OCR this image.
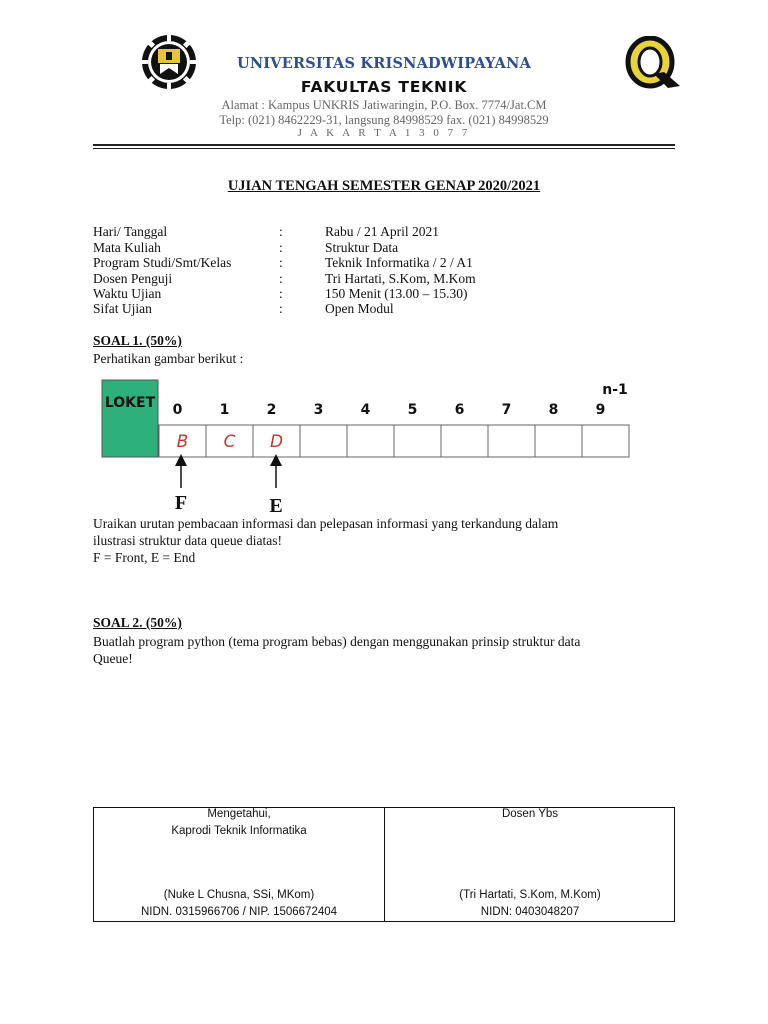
UNIVERSITAS KRISNADWIPAYANA
FAKULTAS TEKNIK
Alamat : Kampus UNKRIS Jatiwaringin, P.O. Box. 7774/Jat.CM
Telp: (021) 8462229-31, langsung 84998529 fax. (021) 84998529
J A K A R T A 1 3 0 7 7
UJIAN TENGAH SEMESTER GENAP 2020/2021
Hari/ Tanggal	:	Rabu / 21 April 2021
Mata Kuliah	:	Struktur Data
Program Studi/Smt/Kelas	:	Teknik Informatika / 2 / A1
Dosen Penguji	:	Tri Hartati, S.Kom, M.Kom
Waktu Ujian	:	150 Menit (13.00 – 15.30)
Sifat Ujian	:	Open Modul
SOAL 1. (50%)
Perhatikan gambar berikut :
LOKET
n-1
0
B
1
C
2
D
3	4	5	6	7	8	9
F	E
Uraikan urutan pembacaan informasi dan pelepasan informasi yang terkandung dalam
ilustrasi struktur data queue diatas!
F = Front, E = End
SOAL 2. (50%)
Buatlah program python (tema program bebas) dengan menggunakan prinsip struktur data
Queue!
Mengetahui,
Kaprodi Teknik Informatika
(Nuke L Chusna, SSi, MKom)
NIDN. 0315966706 / NIP. 1506672404
Dosen Ybs
(Tri Hartati, S.Kom, M.Kom)
NIDN: 0403048207
